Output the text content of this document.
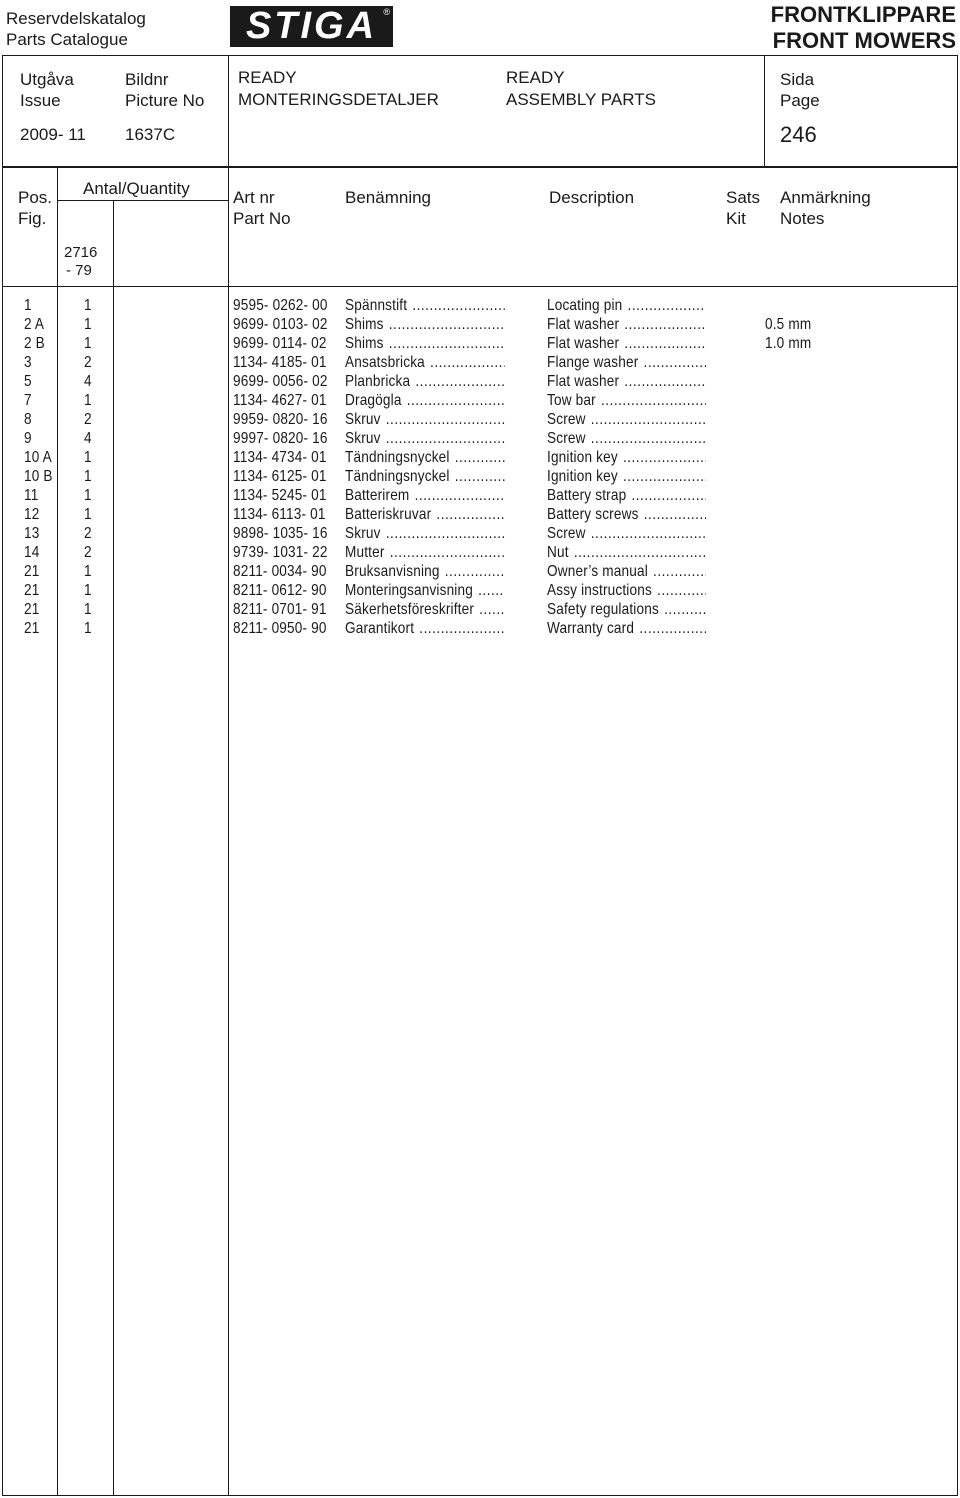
Reservdelskatalog
Parts Catalogue	STIGA ®	FRONTKLIPPARE
FRONT MOWERS
Utgåva
Issue
2009- 11
Bildnr
Picture No
1637C
READY
MONTERINGSDETALJER
READY
ASSEMBLY PARTS
Sida
Page
246
Pos.
Fig.
Antal/Quantity
2716
- 79
Art nr
Part No
Benämning	Description	Sats
Kit
Anmärkning
Notes
1	1	9595- 0262- 00 Spännstift .....	Locating pin .....
2 A	1	9699- 0103- 02 Shims .....	Flat washer .....	0.5 mm
2 B	1	9699- 0114- 02 Shims .....	Flat washer .....	1.0 mm
3	2	1134- 4185- 01 Ansatsbricka .....	Flange washer .....
5	4	9699- 0056- 02 Planbricka .....	Flat washer .....
7	1	1134- 4627- 01 Dragögla .....	Tow bar .....
8	2	9959- 0820- 16 Skruv .....	Screw .....
9	4	9997- 0820- 16 Skruv .....	Screw .....
10 A	1	1134- 4734- 01 Tändningsnyckel .....	Ignition key .....
10 B	1	1134- 6125- 01 Tändningsnyckel .....	Ignition key .....
11	1	1134- 5245- 01 Batterirem .....	Battery strap .....
12	1	1134- 6113- 01 Batteriskruvar .....	Battery screws .....
13	2	9898- 1035- 16 Skruv .....	Screw .....
14	2	9739- 1031- 22 Mutter .....	Nut .....
21	1	8211- 0034- 90 Bruksanvisning .....	Owner’s manual .....
21	1	8211- 0612- 90 Monteringsanvisning .....	Assy instructions .....
21	1	8211- 0701- 91 Säkerhetsföreskrifter .....	Safety regulations .....
21	1	8211- 0950- 90 Garantikort .....	Warranty card .....
